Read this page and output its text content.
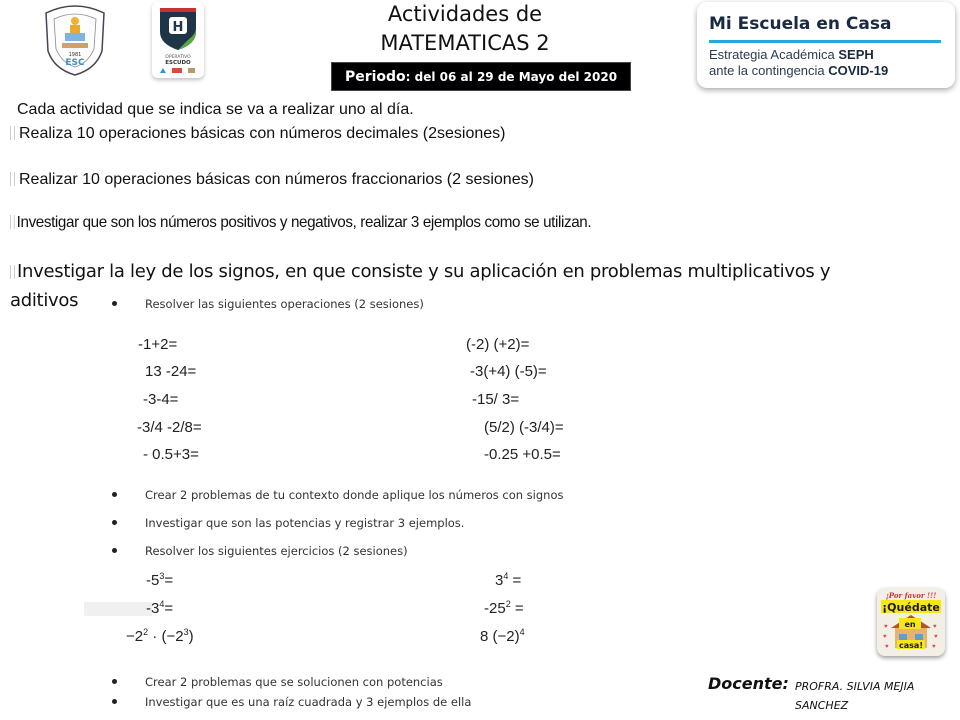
1981
ESC
H
OPERATIVO
ESCUDO
Actividades de
MATEMATICAS 2
Periodo: del 06 al 29 de Mayo del 2020
Mi Escuela en Casa
Estrategia Académica SEPH
ante la contingencia COVID-19
Cada actividad que se indica se va a realizar uno al día.
Realiza 10 operaciones básicas con números decimales (2sesiones)
Realizar 10 operaciones básicas con números fraccionarios (2 sesiones)
Investigar que son los números positivos y negativos, realizar 3 ejemplos como se utilizan.
Investigar la ley de los signos, en que consiste y su aplicación en problemas multiplicativos y
aditivos	Resolver las siguientes operaciones (2 sesiones)
-1+2=
13 -24=
-3-4=
-3/4 -2/8=
- 0.5+3=
(-2) (+2)=
-3(+4) (-5)=
-15/ 3=
(5/2) (-3/4)=
-0.25 +0.5=
Crear 2 problemas de tu contexto donde aplique los números con signos
Investigar que son las potencias y registrar 3 ejemplos.
Resolver los siguientes ejercicios (2 sesiones)
$-5^3=$
$-3^4=$
$-2^2 \cdot (-2^3)$
$3^4$ =
$-25^2$ =
8 $(-2)^4$
Crear 2 problemas que se solucionen con potencias
Investigar que es una raíz cuadrada y 3 ejemplos de ella
¡Por favor !!!
¡Quédate
en
casa!
♥
♥
♥
♥
♥
♥
Docente: PROFRA. SILVIA MEJIA
SANCHEZ
